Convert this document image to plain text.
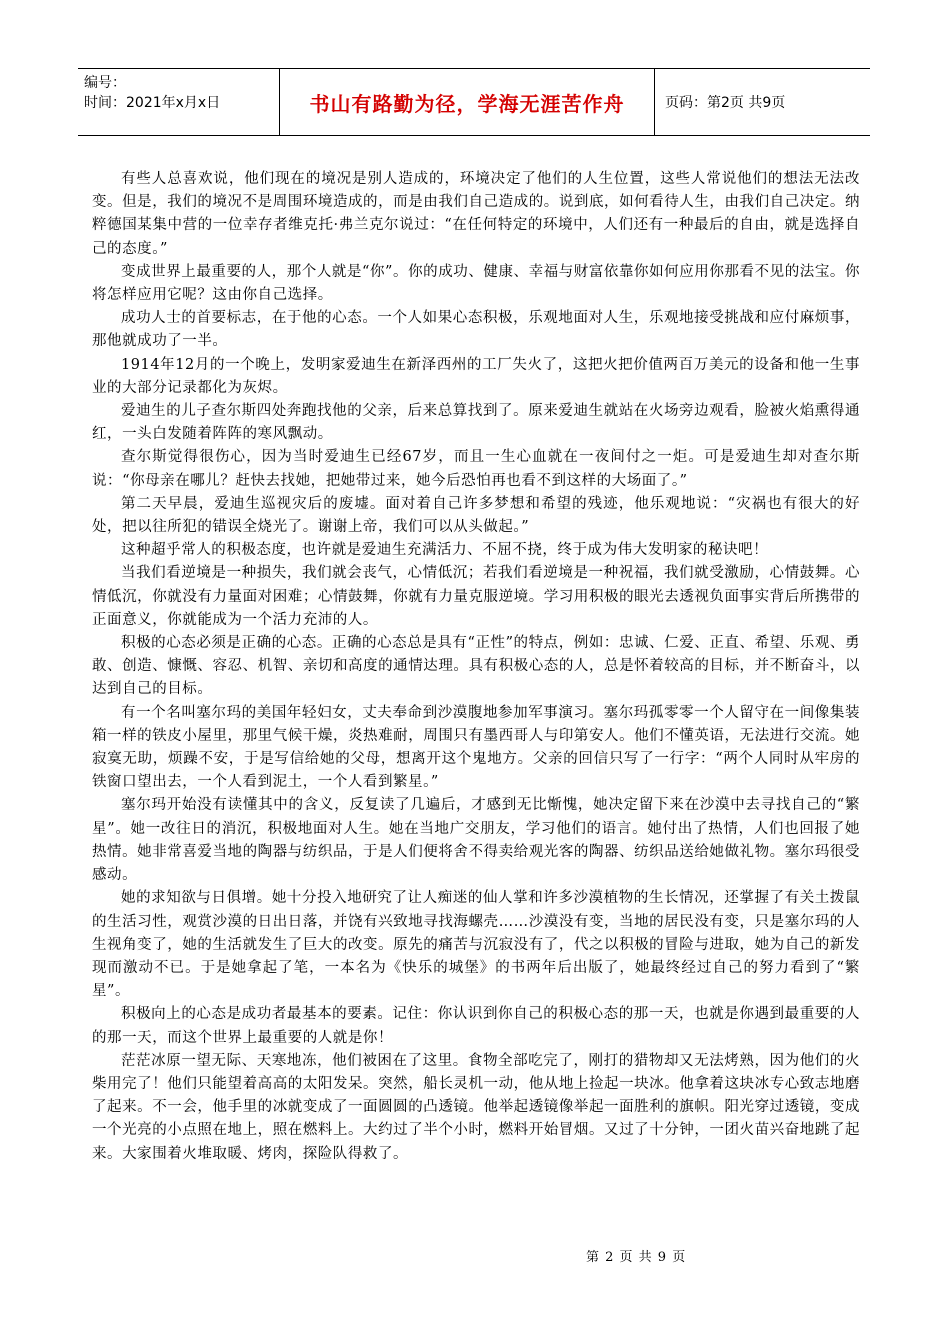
编号：
时间：2021年x月x日	书山有路勤为径，学海无涯苦作舟	页码：第2页 共9页

有些人总喜欢说，他们现在的境况是别人造成的，环境决定了他们的人生位置，这些人常说他们的想法无法改变。但是，我们的境况不是周围环境造成的，而是由我们自己造成的。说到底，如何看待人生，由我们自己决定。纳粹德国某集中营的一位幸存者维克托·弗兰克尔说过：“在任何特定的环境中，人们还有一种最后的自由，就是选择自己的态度。”

变成世界上最重要的人，那个人就是“你”。你的成功、健康、幸福与财富依靠你如何应用你那看不见的法宝。你将怎样应用它呢？这由你自己选择。

成功人士的首要标志，在于他的心态。一个人如果心态积极，乐观地面对人生，乐观地接受挑战和应付麻烦事，那他就成功了一半。

1914年12月的一个晚上，发明家爱迪生在新泽西州的工厂失火了，这把火把价值两百万美元的设备和他一生事业的大部分记录都化为灰烬。

爱迪生的儿子查尔斯四处奔跑找他的父亲，后来总算找到了。原来爱迪生就站在火场旁边观看，脸被火焰熏得通红，一头白发随着阵阵的寒风飘动。

查尔斯觉得很伤心，因为当时爱迪生已经67岁，而且一生心血就在一夜间付之一炬。可是爱迪生却对查尔斯说：“你母亲在哪儿？赶快去找她，把她带过来，她今后恐怕再也看不到这样的大场面了。”

第二天早晨，爱迪生巡视灾后的废墟。面对着自己许多梦想和希望的残迹，他乐观地说：“灾祸也有很大的好处，把以往所犯的错误全烧光了。谢谢上帝，我们可以从头做起。”

这种超乎常人的积极态度，也许就是爱迪生充满活力、不屈不挠，终于成为伟大发明家的秘诀吧！

当我们看逆境是一种损失，我们就会丧气，心情低沉；若我们看逆境是一种祝福，我们就受激励，心情鼓舞。心情低沉，你就没有力量面对困难；心情鼓舞，你就有力量克服逆境。学习用积极的眼光去透视负面事实背后所携带的正面意义，你就能成为一个活力充沛的人。

积极的心态必须是正确的心态。正确的心态总是具有“正性”的特点，例如：忠诚、仁爱、正直、希望、乐观、勇敢、创造、慷慨、容忍、机智、亲切和高度的通情达理。具有积极心态的人，总是怀着较高的目标，并不断奋斗，以达到自己的目标。

有一个名叫塞尔玛的美国年轻妇女，丈夫奉命到沙漠腹地参加军事演习。塞尔玛孤零零一个人留守在一间像集装箱一样的铁皮小屋里，那里气候干燥，炎热难耐，周围只有墨西哥人与印第安人。他们不懂英语，无法进行交流。她寂寞无助，烦躁不安，于是写信给她的父母，想离开这个鬼地方。父亲的回信只写了一行字：“两个人同时从牢房的铁窗口望出去，一个人看到泥土，一个人看到繁星。”

塞尔玛开始没有读懂其中的含义，反复读了几遍后，才感到无比惭愧，她决定留下来在沙漠中去寻找自己的“繁星”。她一改往日的消沉，积极地面对人生。她在当地广交朋友，学习他们的语言。她付出了热情，人们也回报了她热情。她非常喜爱当地的陶器与纺织品，于是人们便将舍不得卖给观光客的陶器、纺织品送给她做礼物。塞尔玛很受感动。

她的求知欲与日俱增。她十分投入地研究了让人痴迷的仙人掌和许多沙漠植物的生长情况，还掌握了有关土拨鼠的生活习性，观赏沙漠的日出日落，并饶有兴致地寻找海螺壳……沙漠没有变，当地的居民没有变，只是塞尔玛的人生视角变了，她的生活就发生了巨大的改变。原先的痛苦与沉寂没有了，代之以积极的冒险与进取，她为自己的新发现而激动不已。于是她拿起了笔，一本名为《快乐的城堡》的书两年后出版了，她最终经过自己的努力看到了“繁星”。

积极向上的心态是成功者最基本的要素。记住：你认识到你自己的积极心态的那一天，也就是你遇到最重要的人的那一天，而这个世界上最重要的人就是你！

茫茫冰原一望无际、天寒地冻，他们被困在了这里。食物全部吃完了，刚打的猎物却又无法烤熟，因为他们的火柴用完了！他们只能望着高高的太阳发呆。突然，船长灵机一动，他从地上捡起一块冰。他拿着这块冰专心致志地磨了起来。不一会，他手里的冰就变成了一面圆圆的凸透镜。他举起透镜像举起一面胜利的旗帜。阳光穿过透镜，变成一个光亮的小点照在地上，照在燃料上。大约过了半个小时，燃料开始冒烟。又过了十分钟，一团火苗兴奋地跳了起来。大家围着火堆取暖、烤肉，探险队得救了。

第 2 页 共 9 页
